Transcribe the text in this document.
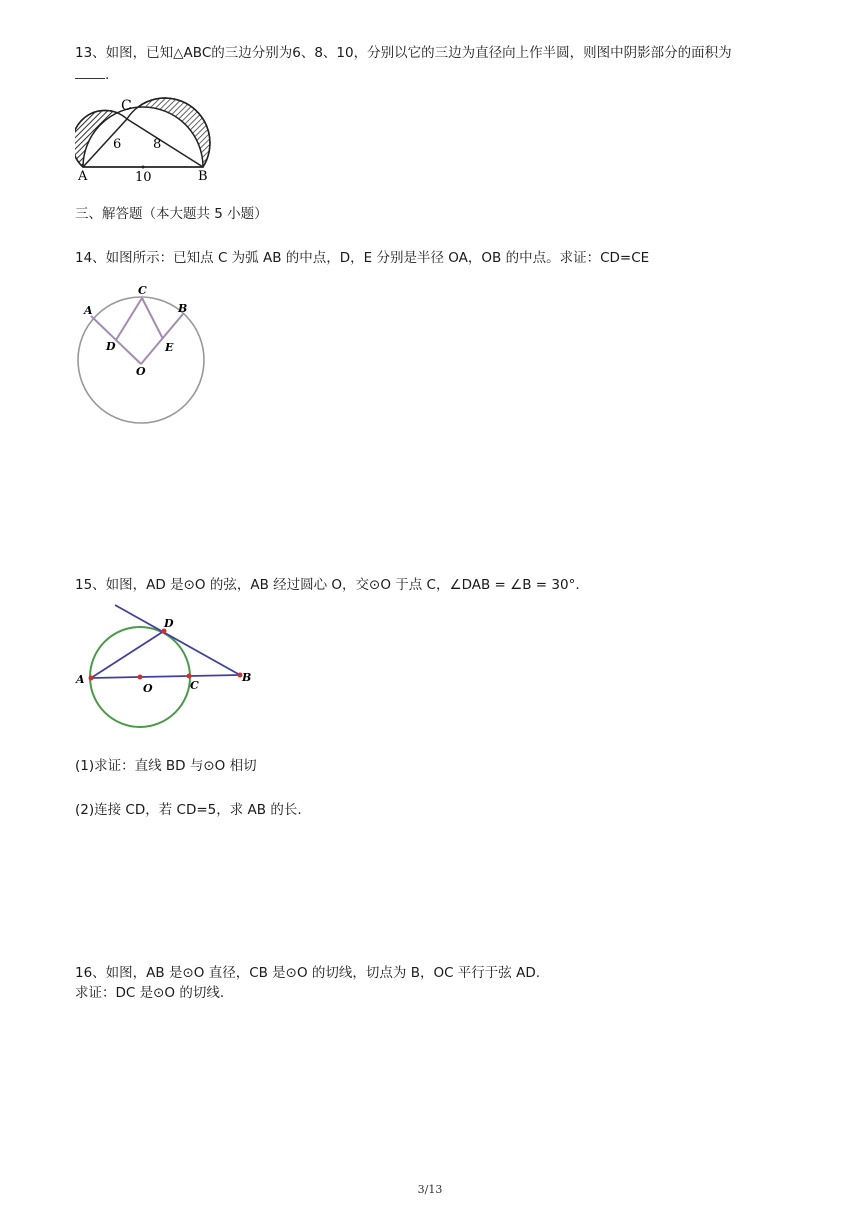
13、如图，已知△ABC的三边分别为6、8、10，分别以它的三边为直径向上作半圆，则图中阴影部分的面积为
.
C
A	B
6 8
10
三、解答题（本大题共 5 小题）
14、如图所示：已知点 C 为弧 AB 的中点，D，E 分别是半径 OA，OB 的中点。求证：CD=CE
A
C
B
D	E
O
15、如图，AD 是⊙O 的弦，AB 经过圆心 O，交⊙O 于点 C，∠DAB = ∠B = 30°.
A
O	C
D
B
(1)求证：直线 BD 与⊙O 相切
(2)连接 CD，若 CD=5，求 AB 的长.
16、如图，AB 是⊙O 直径，CB 是⊙O 的切线，切点为 B，OC 平行于弦 AD.
求证：DC 是⊙O 的切线.
3/13
